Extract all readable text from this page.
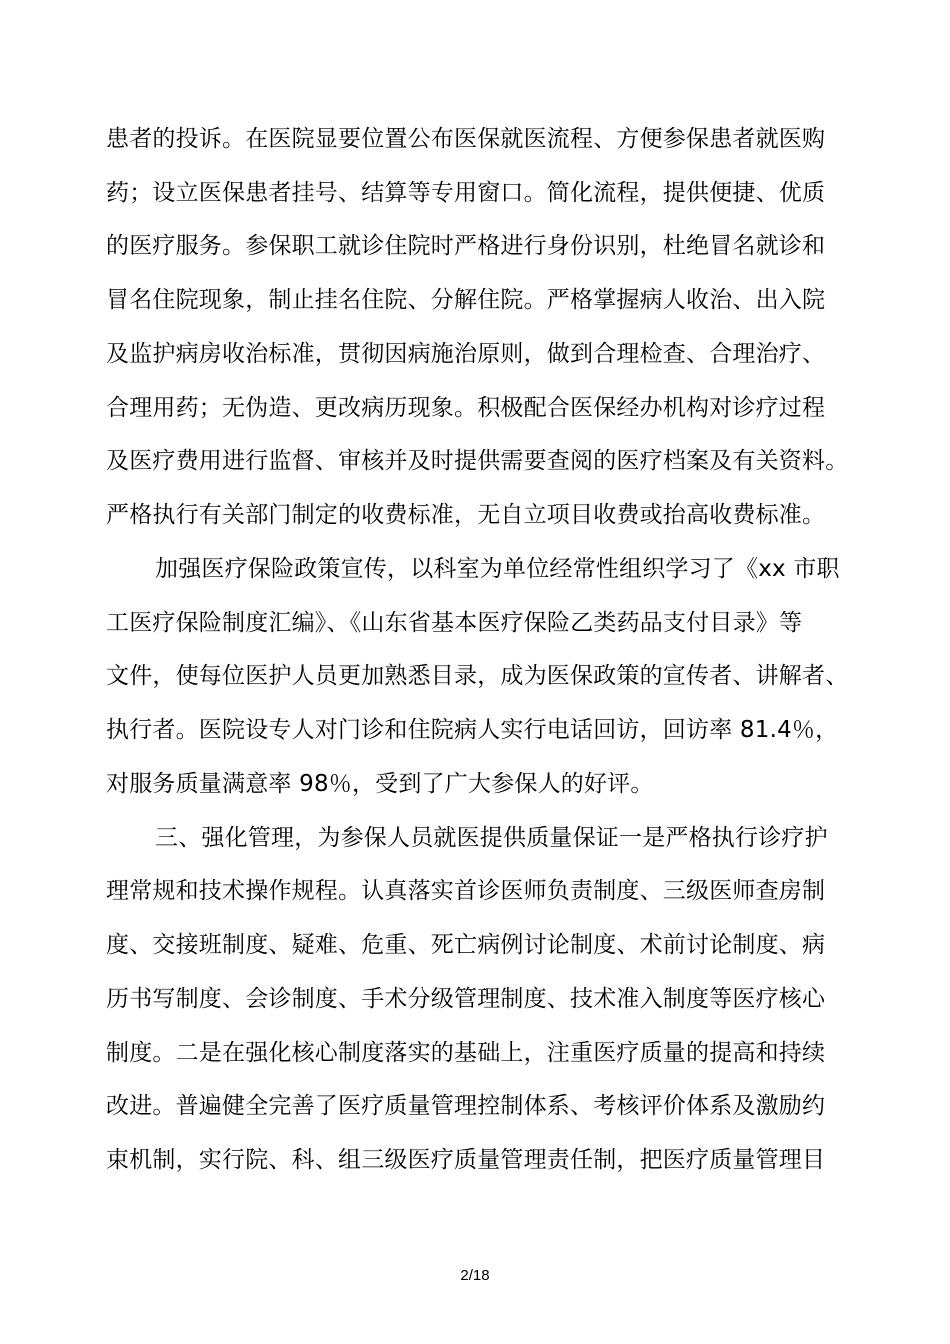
患者的投诉。在医院显要位置公布医保就医流程、方便参保患者就医购
药；设立医保患者挂号、结算等专用窗口。简化流程，提供便捷、优质
的医疗服务。参保职工就诊住院时严格进行身份识别，杜绝冒名就诊和
冒名住院现象，制止挂名住院、分解住院。严格掌握病人收治、出入院
及监护病房收治标准，贯彻因病施治原则，做到合理检查、合理治疗、
合理用药；无伪造、更改病历现象。积极配合医保经办机构对诊疗过程
及医疗费用进行监督、审核并及时提供需要查阅的医疗档案及有关资料。
严格执行有关部门制定的收费标准，无自立项目收费或抬高收费标准。
加强医疗保险政策宣传，以科室为单位经常性组织学习了《xx 市职
工医疗保险制度汇编》、《山东省基本医疗保险乙类药品支付目录》等
文件，使每位医护人员更加熟悉目录，成为医保政策的宣传者、讲解者、
执行者。医院设专人对门诊和住院病人实行电话回访，回访率 81.4％，
对服务质量满意率 98％，受到了广大参保人的好评。
三、强化管理，为参保人员就医提供质量保证一是严格执行诊疗护
理常规和技术操作规程。认真落实首诊医师负责制度、三级医师查房制
度、交接班制度、疑难、危重、死亡病例讨论制度、术前讨论制度、病
历书写制度、会诊制度、手术分级管理制度、技术准入制度等医疗核心
制度。二是在强化核心制度落实的基础上，注重医疗质量的提高和持续
改进。普遍健全完善了医疗质量管理控制体系、考核评价体系及激励约
束机制，实行院、科、组三级医疗质量管理责任制，把医疗质量管理目
2/18
